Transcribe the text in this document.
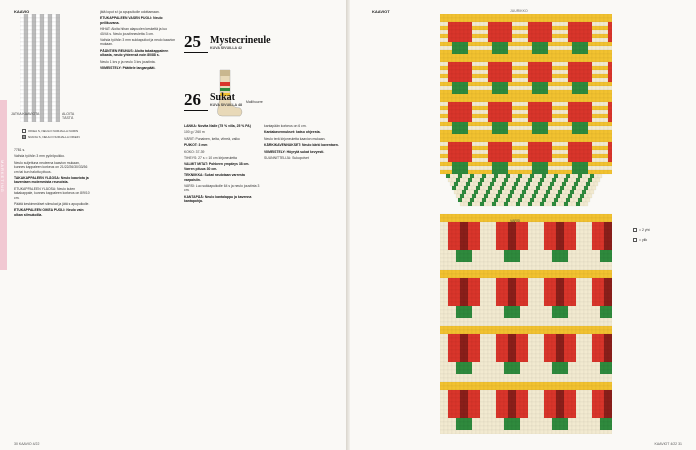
MARKETING
KAAVIO
JATKA KAAVIOTA	ALOITA TÄSTÄ
OIKEA S, NEULO NURJALLA NURIN
NURJA S, NEULO NURJALLA OIKEIN

7781 s.

Vaihda työhön 3 mm pyöröpuikko.

Neulo suljettuna neuleena kaavion mukaan, kunnes kappaleen korkeus on 21/22/26/30/33/36 cm tai kun haluttu pituus.

TAKAKAPPALEEN YLÄOSA: Neulo kaaviota ja kaventaen molemmista reunoista.

ETUKAPPALEEN YLÄOSA: Neulo kuten takakappale, kunnes kappaleen korkeus on 8/9/10 cm.

Päätä keskimmäiset silmukat ja jätä s apupuikolle.

ETUKAPPALEEN OIKEA PUOLI: Neulo vain olkan silmukoilla.

jätä loput s:t ja apupuikolle odottamaan.

ETUKAPPALEEN VASEN PUOLI: Neulo peilikuvana.

HIHAT: Aloita hihan alapuolen keskeltä ja luo 40/44 s. Neulo joustinneuletta 3 cm.

Vaihda työhön 3 mm sukkapuikot ja neulo kaavion mukaan.

PÄÄNTIEN REUNUS: Aloita takakappaleen olkasta, neulo yhteensä noin 80/88 s.

Neulo 1 krs p ja neulo 3 krs joustinta.

VIIMEISTELY: Päättele langanpäät.

25 Mystecrineule
KUVA SIVUILLA 42
Mallihuurre
26 Sukat
KUVA SIVUILLA 48

LANKA: Novita Nalle (75 % villa, 25 % PA)

100 g / 260 m

VÄRIT: Punainen, kelta, vihreä, valko

PUIKOT: 3 mm

KOKO: 37-39

TIHEYS: 27 s = 10 cm kirjoneuletta

VALMIT MITAT: Pohkeen ympärys 38 cm. Varren pituus 30 cm.

TEKNIIKKA: Sukat neulotaan varresta varpaisiin.

VARSI: Luo sukkapuikolle 64 s ja neulo joustinta 3 cm.

KANTAPÄÄ: Neulo kantalappu ja kavenna kantapohja.

kantapään korkeus on 6 cm.

Kantakavennukset: katso ohjeesta.

Neulo terä kirjoneuletta kaavion mukaan.

KÄRKIKAVENNUKSET: Neulo kärki kaventaen.

VIIMEISTELY: Höyrytä sukat kevyesti.

SUUNNITTELIJA: Sukupolvet

30 KAAVIO 4/22
KAAVIOT	JUURIKKO
VARSI
= 2 yht
= ylik
KAAVIOT 4/22 31
